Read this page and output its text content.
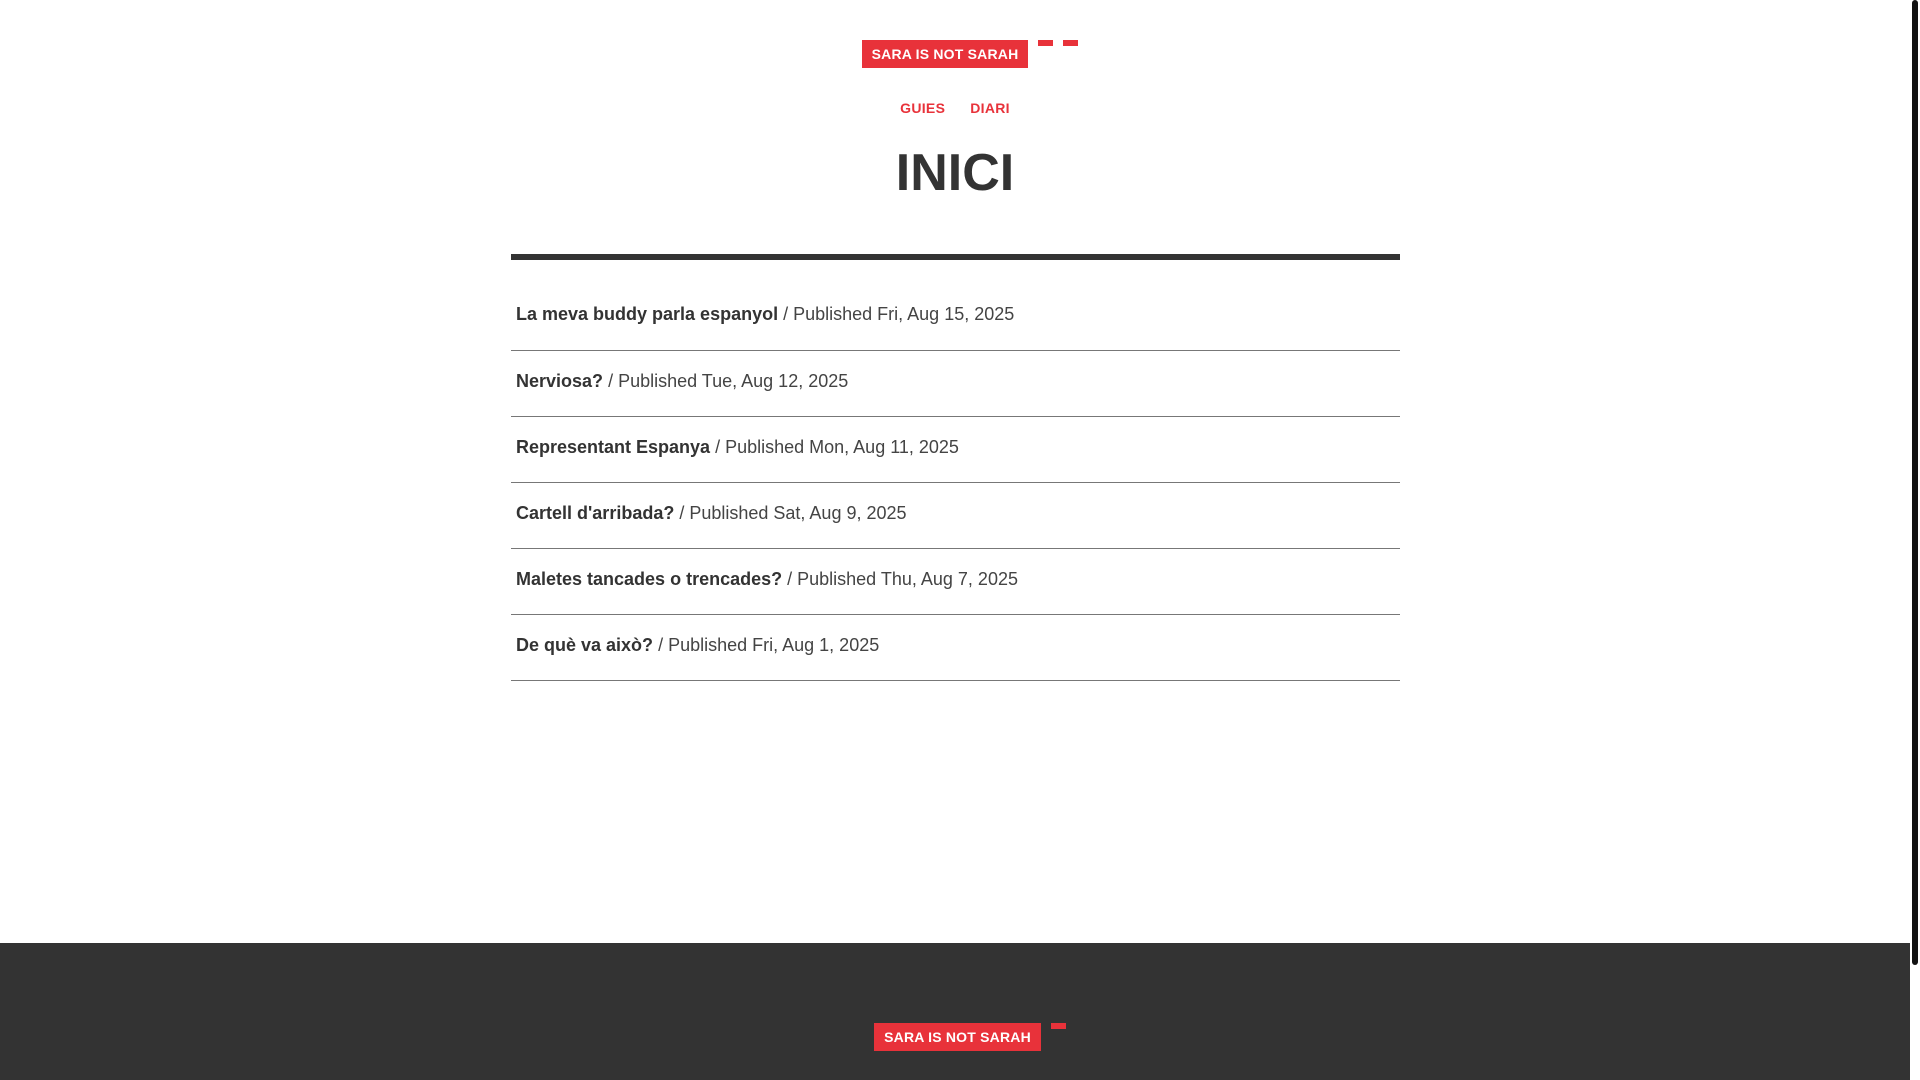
SARA IS NOT SARAH
GUIES DIARI
INICI
La meva buddy parla espanyol / Published Fri, Aug 15, 2025
Nerviosa? / Published Tue, Aug 12, 2025
Representant Espanya / Published Mon, Aug 11, 2025
Cartell d'arribada? / Published Sat, Aug 9, 2025
Maletes tancades o trencades? / Published Thu, Aug 7, 2025
De què va això? / Published Fri, Aug 1, 2025
SARA IS NOT SARAH
